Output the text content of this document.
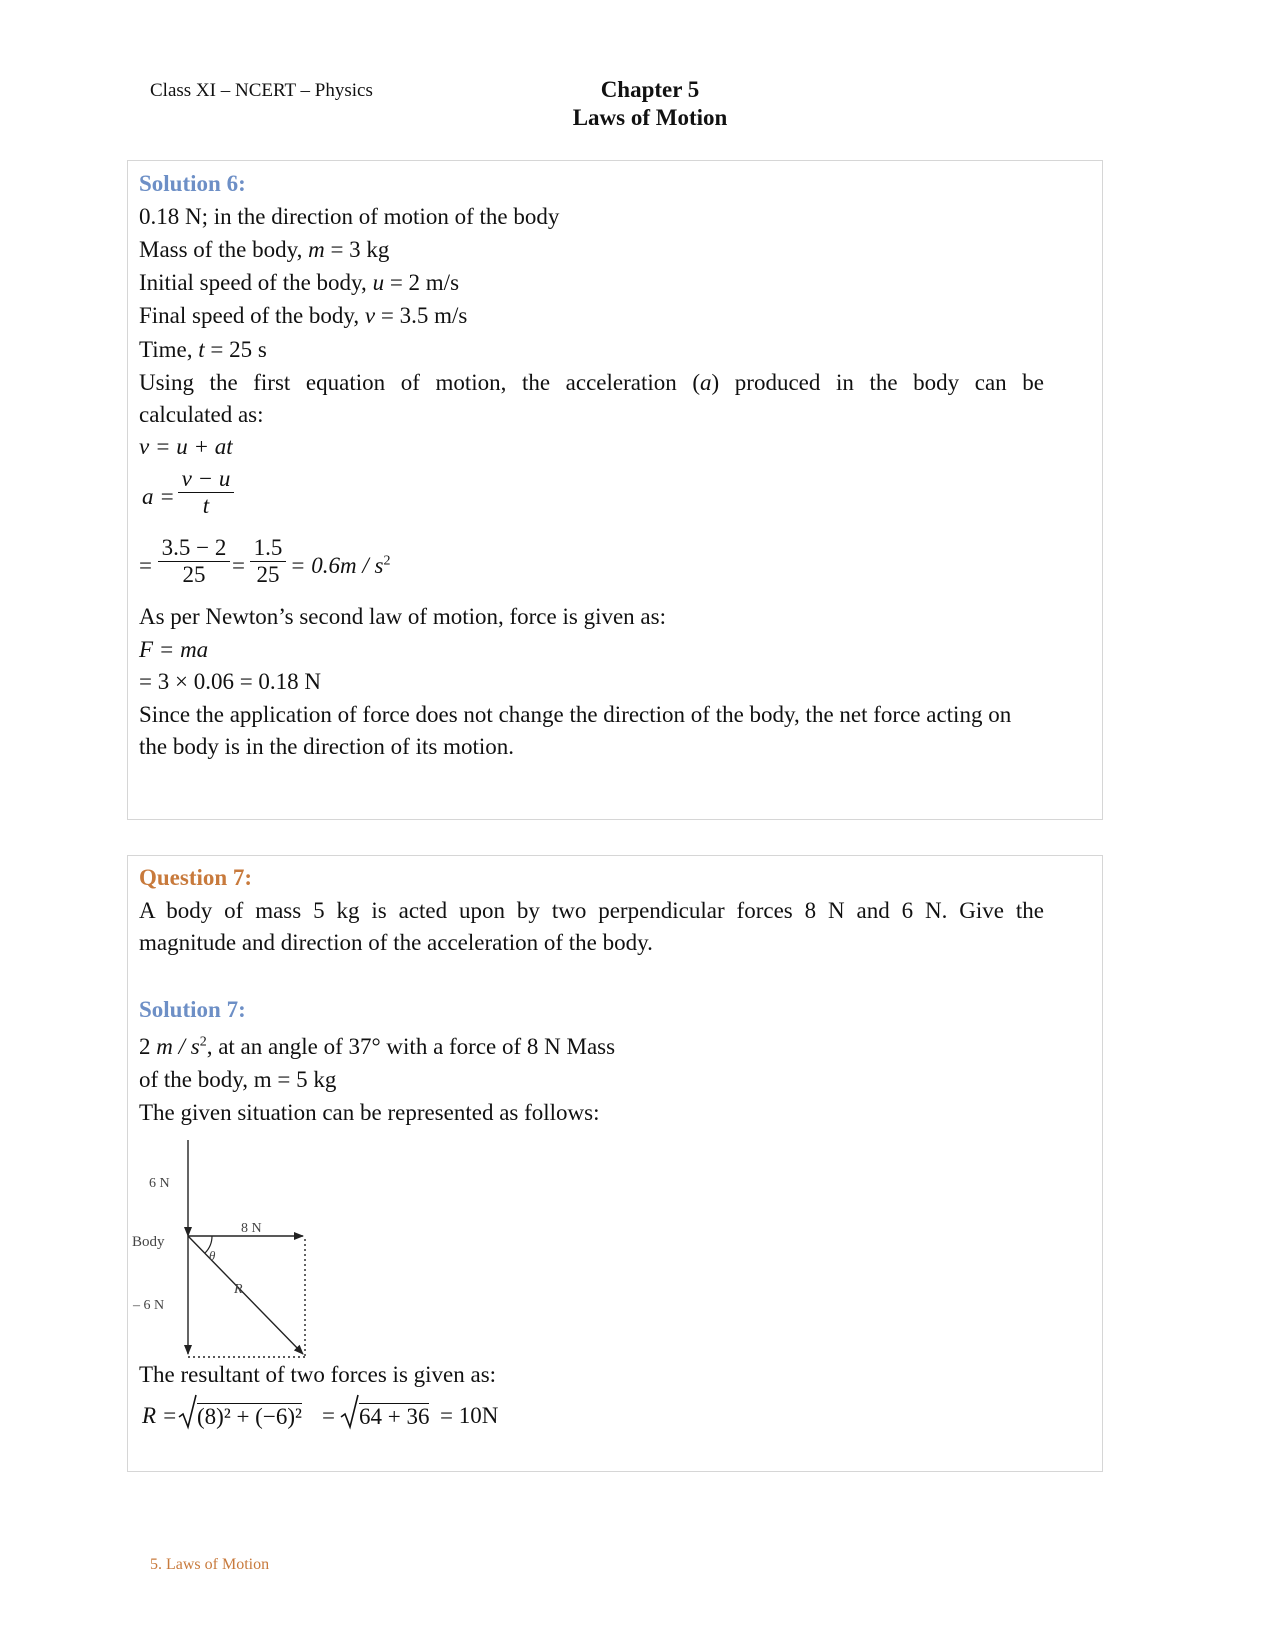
Class XI – NCERT – Physics	Chapter 5
Laws of Motion
Solution 6:
0.18 N; in the direction of motion of the body
Mass of the body, m = 3 kg
Initial speed of the body, u = 2 m/s
Final speed of the body, v = 3.5 m/s
Time, t = 25 s
Using the first equation of motion, the acceleration (a) produced in the body can be
calculated as:
v = u + at
a =
v − u
t
=
3.5 − 2
25	=
1.5
$25 = 0.6m / s^2$
As per Newton’s second law of motion, force is given as:
F = ma
= 3 × 0.06 = 0.18 N
Since the application of force does not change the direction of the body, the net force acting on
the body is in the direction of its motion.
Question 7:
A body of mass 5 kg is acted upon by two perpendicular forces 8 N and 6 N. Give the
magnitude and direction of the acceleration of the body.
Solution 7:
2 m / $s^2$, at an angle of 37° with a force of 8 N Mass
of the body, m = 5 kg
The given situation can be represented as follows:
6 N
Body
8 N
θ
R
– 6 N
The resultant of two forces is given as:
R = (8)² + (−6)² = 64 + 36 = 10N
5. Laws of Motion
